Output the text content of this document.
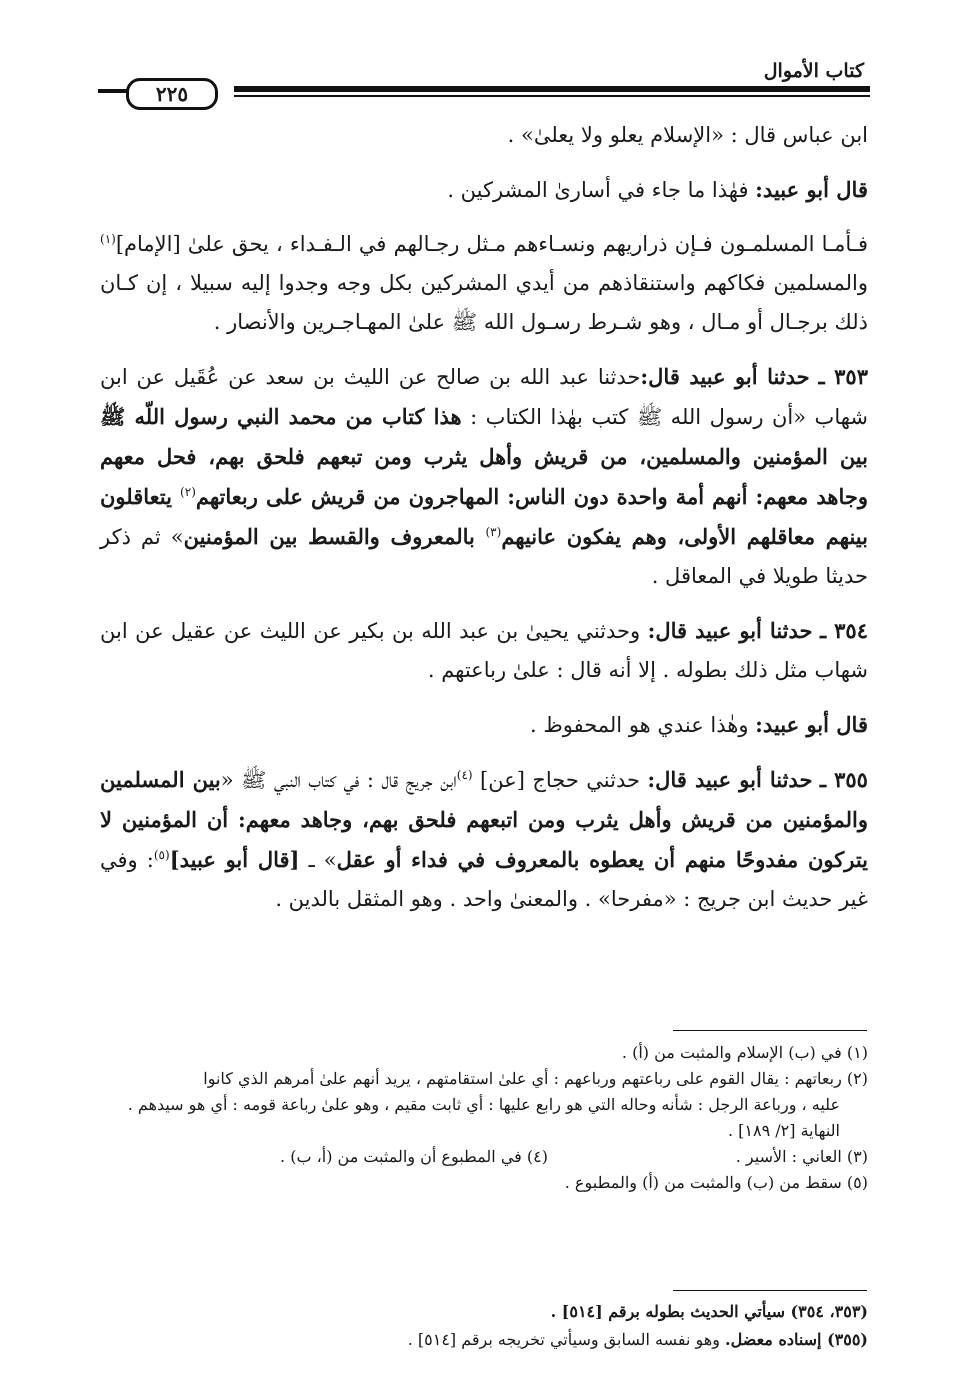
٢٢٥
كتاب الأموال

ابن عباس قال : «الإسلام يعلو ولا يعلىٰ» .

قال أبو عبيد: فهٰذا ما جاء في أسارىٰ المشركين .

فـأمـا المسلمـون فـإن ذراريهم ونسـاءهم مـثل رجـالهم في الـفـداء ، يحق علىٰ [الإمام]$^{(١)}$ والمسلمين فكاكهم واستنقاذهم من أيدي المشركين بكل وجه وجدوا إليه سبيلا ، إن كـان ذلك برجـال أو مـال ، وهو شـرط رسـول الله ﷺ علىٰ المهـاجـرين والأنصار .

٣٥٣ ـ حدثنا أبو عبيد قال:حدثنا عبد الله بن صالح عن الليث بن سعد عن عُقَيل عن ابن شهاب «أن رسول الله ﷺ كتب بهٰذا الكتاب : هذا كتاب من محمد النبي رسول اللّه ﷺ بين المؤمنين والمسلمين، من قريش وأهل يثرب ومن تبعهم فلحق بهم، فحل معهم وجاهد معهم: أنهم أمة واحدة دون الناس: المهاجرون من قريش على ربعاتهم$^{(٢)}$ يتعاقلون بينهم معاقلهم الأولى، وهم يفكون عانيهم$^{(٣)}$ بالمعروف والقسط بين المؤمنين» ثم ذكر حديثا طويلا في المعاقل .

٣٥٤ ـ حدثنا أبو عبيد قال: وحدثني يحيىٰ بن عبد الله بن بكير عن الليث عن عقيل عن ابن شهاب مثل ذلك بطوله . إلا أنه قال : علىٰ رباعتهم .

قال أبو عبيد: وهٰذا عندي هو المحفوظ .

٣٥٥ ـ حدثنا أبو عبيد قال: حدثني حجاج [عن] $^{(٤)}$ابن جريج قال : في كتاب النبي ﷺ «بين المسلمين والمؤمنين من قريش وأهل يثرب ومن اتبعهم فلحق بهم، وجاهد معهم: أن المؤمنين لا يتركون مفدوحًا منهم أن يعطوه بالمعروف في فداء أو عقل» ـ [قال أبو عبيد]$^{(٥)}$: وفي غير حديث ابن جريج : «مفرحا» . والمعنىٰ واحد . وهو المثقل بالدين .

(١) في (ب) الإسلام والمثبت من (أ) .

(٢) ربعاتهم : يقال القوم على رباعتهم ورباعهم : أي علىٰ استقامتهم ، يريد أنهم علىٰ أمرهم الذي كانوا

عليه ، ورباعة الرجل : شأنه وحاله التي هو رابع عليها : أي ثابت مقيم ، وهو علىٰ رباعة قومه : أي هو سيدهم . النهاية [٢/ ١٨٩] .

(٣) العاني : الأسير .

(٤) في المطبوع أن والمثبت من (أ، ب) .

(٥) سقط من (ب) والمثبت من (أ) والمطبوع .

(٣٥٣، ٣٥٤) سيأتي الحديث بطوله برقم [٥١٤] .

(٣٥٥) إسناده معضل. وهو نفسه السابق وسيأتي تخريجه برقم [٥١٤] .
